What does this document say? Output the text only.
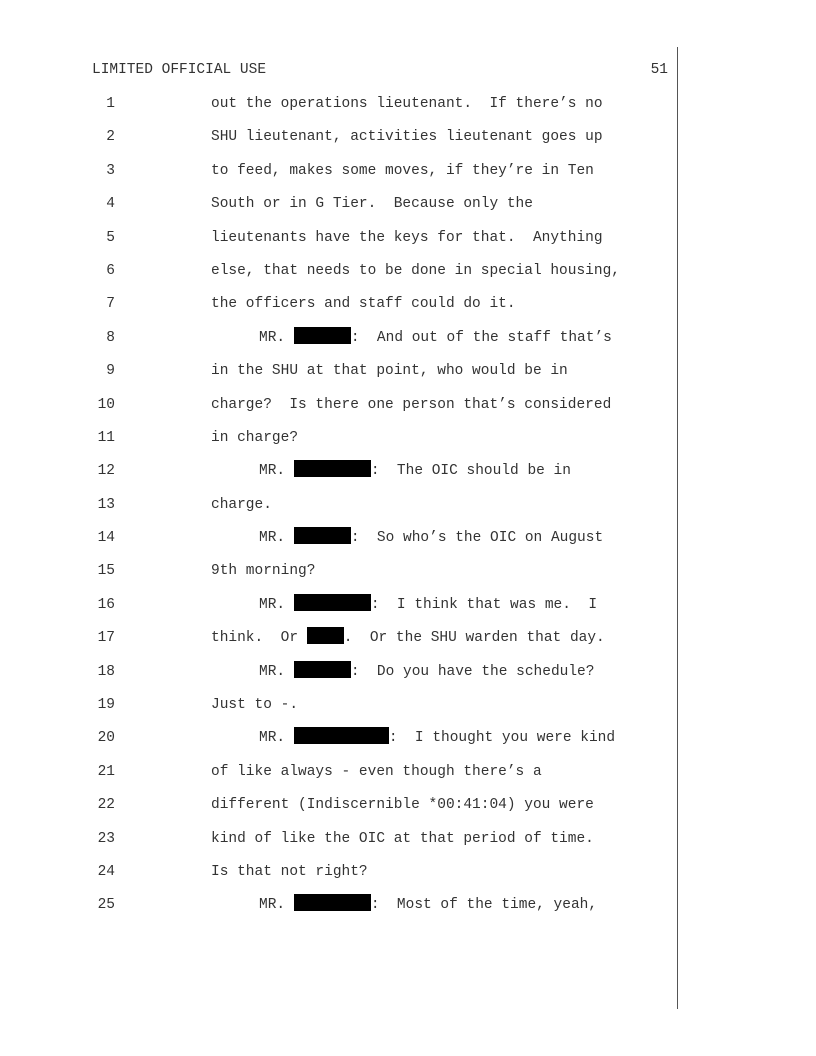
LIMITED OFFICIAL USE	51
1	out the operations lieutenant.  If there’s no
2	SHU lieutenant, activities lieutenant goes up
3	to feed, makes some moves, if they’re in Ten
4	South or in G Tier.  Because only the
5	lieutenants have the keys for that.  Anything
6	else, that needs to be done in special housing,
7	the officers and staff could do it.
8	MR.	:  And out of the staff that’s
9	in the SHU at that point, who would be in
10	charge?  Is there one person that’s considered
11	in charge?
12	MR.	:  The OIC should be in
13	charge.
14	MR.	:  So who’s the OIC on August
15	9th morning?
16	MR.	:  I think that was me.  I
17	think.  Or	.  Or the SHU warden that day.
18	MR.	:  Do you have the schedule?
19	Just to -.
20	MR.	:  I thought you were kind
21	of like always - even though there’s a
22	different (Indiscernible *00:41:04) you were
23	kind of like the OIC at that period of time.
24	Is that not right?
25	MR.	:  Most of the time, yeah,
